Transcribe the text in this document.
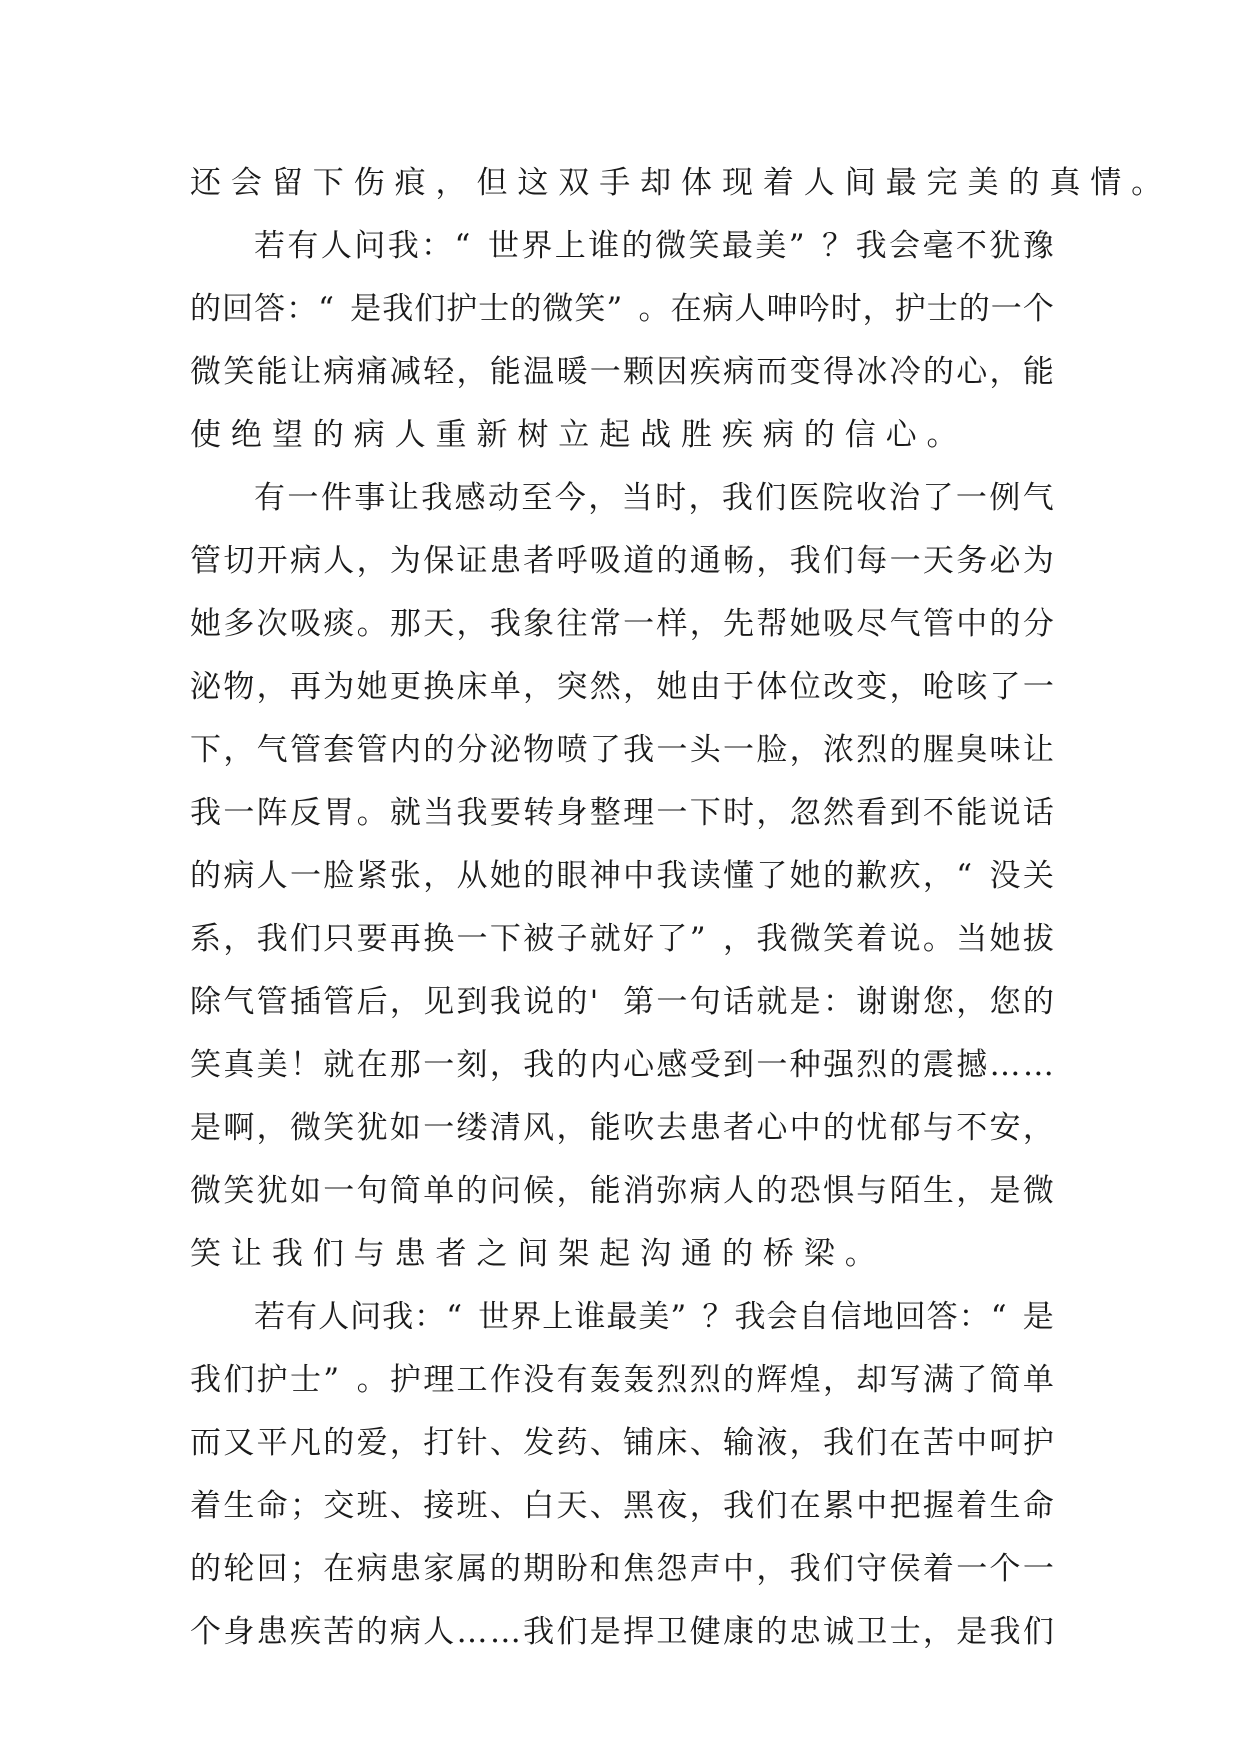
还会留下伤痕，但这双手却体现着人间最完美的真情。
若有人问我：“ 世界上谁的微笑最美” ？我会毫不犹豫
的回答：“ 是我们护士的微笑” 。在病人呻吟时，护士的一个
微笑能让病痛减轻，能温暖一颗因疾病而变得冰冷的心，能
使绝望的病人重新树立起战胜疾病的信心。
有一件事让我感动至今，当时，我们医院收治了一例气
管切开病人，为保证患者呼吸道的通畅，我们每一天务必为
她多次吸痰。那天，我象往常一样，先帮她吸尽气管中的分
泌物，再为她更换床单，突然，她由于体位改变，呛咳了一
下，气管套管内的分泌物喷了我一头一脸，浓烈的腥臭味让
我一阵反胃。就当我要转身整理一下时，忽然看到不能说话
的病人一脸紧张，从她的眼神中我读懂了她的歉疚，“ 没关
系，我们只要再换一下被子就好了” ，我微笑着说。当她拔
除气管插管后，见到我说的' 第一句话就是：谢谢您，您的
笑真美！就在那一刻，我的内心感受到一种强烈的震撼……
是啊，微笑犹如一缕清风，能吹去患者心中的忧郁与不安，
微笑犹如一句简单的问候，能消弥病人的恐惧与陌生，是微
笑让我们与患者之间架起沟通的桥梁。
若有人问我：“ 世界上谁最美” ？我会自信地回答：“ 是
我们护士” 。护理工作没有轰轰烈烈的辉煌，却写满了简单
而又平凡的爱，打针、发药、铺床、输液，我们在苦中呵护
着生命；交班、接班、白天、黑夜，我们在累中把握着生命
的轮回；在病患家属的期盼和焦怨声中，我们守侯着一个一
个身患疾苦的病人……我们是捍卫健康的忠诚卫士，是我们
